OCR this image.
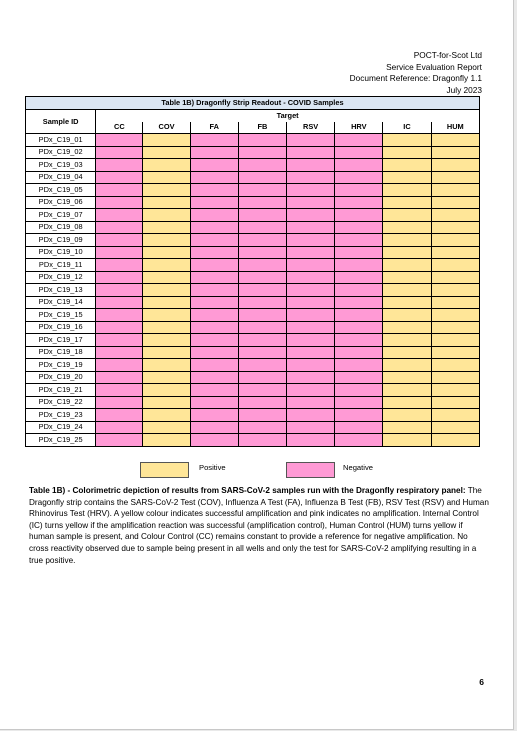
POCT-for-Scot Ltd
Service Evaluation Report
Document Reference: Dragonfly 1.1
July 2023
Table 1B) Dragonfly Strip Readout - COVID Samples								
Sample ID	Target							
	CC	COV	FA	FB	RSV	HRV	IC	HUM
PDx_C19_01								
PDx_C19_02								
PDx_C19_03								
PDx_C19_04								
PDx_C19_05								
PDx_C19_06								
PDx_C19_07								
PDx_C19_08								
PDx_C19_09								
PDx_C19_10								
PDx_C19_11								
PDx_C19_12								
PDx_C19_13								
PDx_C19_14								
PDx_C19_15								
PDx_C19_16								
PDx_C19_17								
PDx_C19_18								
PDx_C19_19								
PDx_C19_20								
PDx_C19_21								
PDx_C19_22								
PDx_C19_23								
PDx_C19_24								
PDx_C19_25								
Positive	Negative
Table 1B) - Colorimetric depiction of results from SARS-CoV-2 samples run with the Dragonfly respiratory panel: The Dragonfly strip contains the SARS-CoV-2 Test (COV), Influenza A Test (FA), Influenza B Test (FB), RSV Test (RSV) and Human Rhinovirus Test (HRV). A yellow colour indicates successful amplification and pink indicates no amplification. Internal Control (IC) turns yellow if the amplification reaction was successful (amplification control), Human Control (HUM) turns yellow if human sample is present, and Colour Control (CC) remains constant to provide a reference for negative amplification. No cross reactivity observed due to sample being present in all wells and only the test for SARS-CoV-2 amplifying resulting in a true positive.
6
